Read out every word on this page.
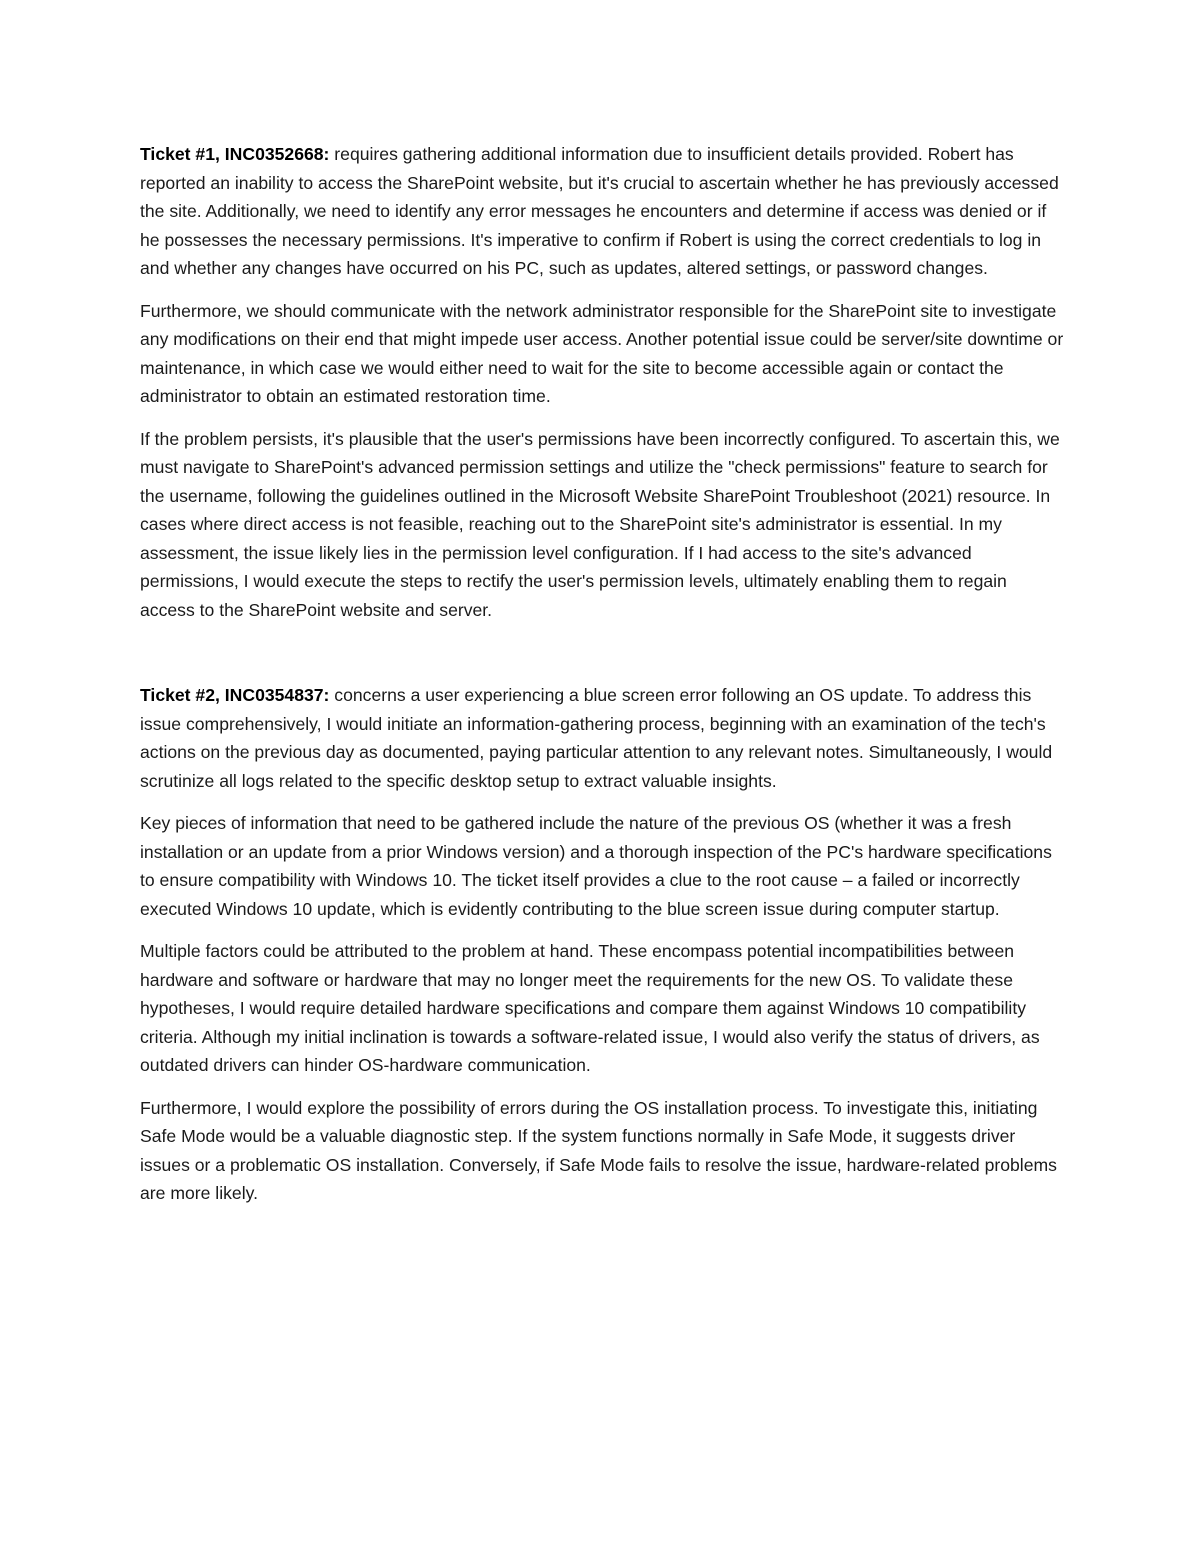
Ticket #1, INC0352668: requires gathering additional information due to insufficient details provided. Robert has reported an inability to access the SharePoint website, but it's crucial to ascertain whether he has previously accessed the site. Additionally, we need to identify any error messages he encounters and determine if access was denied or if he possesses the necessary permissions. It's imperative to confirm if Robert is using the correct credentials to log in and whether any changes have occurred on his PC, such as updates, altered settings, or password changes.

Furthermore, we should communicate with the network administrator responsible for the SharePoint site to investigate any modifications on their end that might impede user access. Another potential issue could be server/site downtime or maintenance, in which case we would either need to wait for the site to become accessible again or contact the administrator to obtain an estimated restoration time.

If the problem persists, it's plausible that the user's permissions have been incorrectly configured. To ascertain this, we must navigate to SharePoint's advanced permission settings and utilize the "check permissions" feature to search for the username, following the guidelines outlined in the Microsoft Website SharePoint Troubleshoot (2021) resource. In cases where direct access is not feasible, reaching out to the SharePoint site's administrator is essential. In my assessment, the issue likely lies in the permission level configuration. If I had access to the site's advanced permissions, I would execute the steps to rectify the user's permission levels, ultimately enabling them to regain access to the SharePoint website and server.

Ticket #2, INC0354837: concerns a user experiencing a blue screen error following an OS update. To address this issue comprehensively, I would initiate an information-gathering process, beginning with an examination of the tech's actions on the previous day as documented, paying particular attention to any relevant notes. Simultaneously, I would scrutinize all logs related to the specific desktop setup to extract valuable insights.

Key pieces of information that need to be gathered include the nature of the previous OS (whether it was a fresh installation or an update from a prior Windows version) and a thorough inspection of the PC's hardware specifications to ensure compatibility with Windows 10. The ticket itself provides a clue to the root cause – a failed or incorrectly executed Windows 10 update, which is evidently contributing to the blue screen issue during computer startup.

Multiple factors could be attributed to the problem at hand. These encompass potential incompatibilities between hardware and software or hardware that may no longer meet the requirements for the new OS. To validate these hypotheses, I would require detailed hardware specifications and compare them against Windows 10 compatibility criteria. Although my initial inclination is towards a software-related issue, I would also verify the status of drivers, as outdated drivers can hinder OS-hardware communication.

Furthermore, I would explore the possibility of errors during the OS installation process. To investigate this, initiating Safe Mode would be a valuable diagnostic step. If the system functions normally in Safe Mode, it suggests driver issues or a problematic OS installation. Conversely, if Safe Mode fails to resolve the issue, hardware-related problems are more likely.
